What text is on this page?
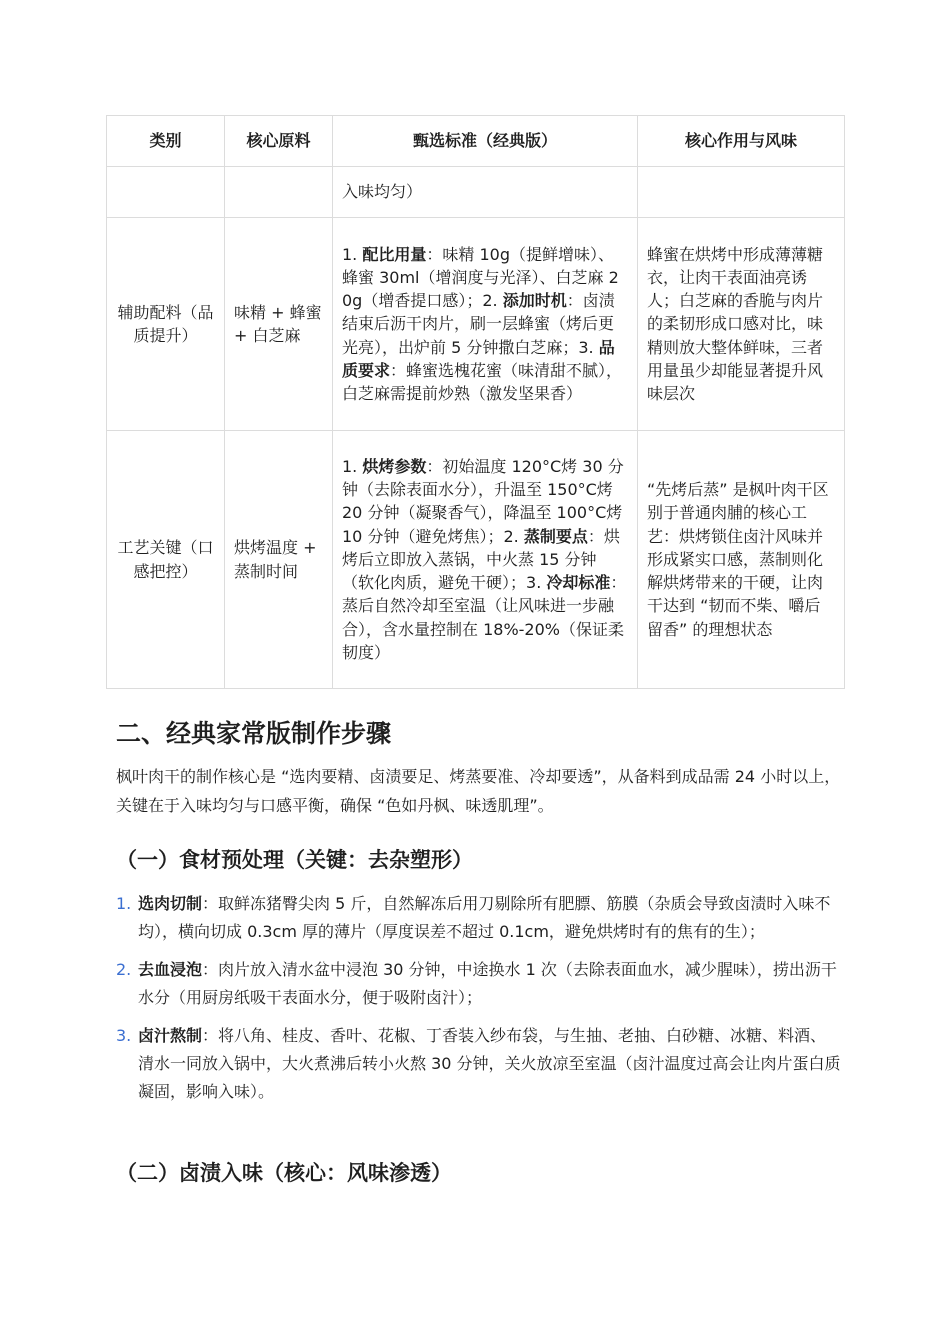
类别	核心原料	甄选标准（经典版）	核心作用与风味
		入味均匀）	
辅助配料（品质提升）	味精 + 蜂蜜 + 白芝麻	1. 配比用量：味精 10g（提鲜增味）、蜂蜜 30ml（增润度与光泽）、白芝麻 20g（增香提口感）；2. 添加时机：卤渍结束后沥干肉片，刷一层蜂蜜（烤后更光亮），出炉前 5 分钟撒白芝麻；3. 品质要求：蜂蜜选槐花蜜（味清甜不腻），白芝麻需提前炒熟（激发坚果香）	蜂蜜在烘烤中形成薄薄糖衣，让肉干表面油亮诱人；白芝麻的香脆与肉片的柔韧形成口感对比，味精则放大整体鲜味，三者用量虽少却能显著提升风味层次
工艺关键（口感把控）	烘烤温度 + 蒸制时间	1. 烘烤参数：初始温度 120°C烤 30 分钟（去除表面水分），升温至 150°C烤 20 分钟（凝聚香气），降温至 100°C烤 10 分钟（避免烤焦）；2. 蒸制要点：烘烤后立即放入蒸锅，中火蒸 15 分钟（软化肉质，避免干硬）；3. 冷却标准：蒸后自然冷却至室温（让风味进一步融合），含水量控制在 18%-20%（保证柔韧度）	“先烤后蒸” 是枫叶肉干区别于普通肉脯的核心工艺：烘烤锁住卤汁风味并形成紧实口感，蒸制则化解烘烤带来的干硬，让肉干达到 “韧而不柴、嚼后留香” 的理想状态
二、经典家常版制作步骤

枫叶肉干的制作核心是 “选肉要精、卤渍要足、烤蒸要准、冷却要透”，从备料到成品需 24 小时以上，关键在于入味均匀与口感平衡，确保 “色如丹枫、味透肌理”。

（一）食材预处理（关键：去杂塑形）
1. 选肉切制：取鲜冻猪臀尖肉 5 斤，自然解冻后用刀剔除所有肥膘、筋膜（杂质会导致卤渍时入味不均），横向切成 0.3cm 厚的薄片（厚度误差不超过 0.1cm，避免烘烤时有的焦有的生）；
2. 去血浸泡：肉片放入清水盆中浸泡 30 分钟，中途换水 1 次（去除表面血水，减少腥味），捞出沥干水分（用厨房纸吸干表面水分，便于吸附卤汁）；
3. 卤汁熬制：将八角、桂皮、香叶、花椒、丁香装入纱布袋，与生抽、老抽、白砂糖、冰糖、料酒、清水一同放入锅中，大火煮沸后转小火熬 30 分钟，关火放凉至室温（卤汁温度过高会让肉片蛋白质凝固，影响入味）。
（二）卤渍入味（核心：风味渗透）
